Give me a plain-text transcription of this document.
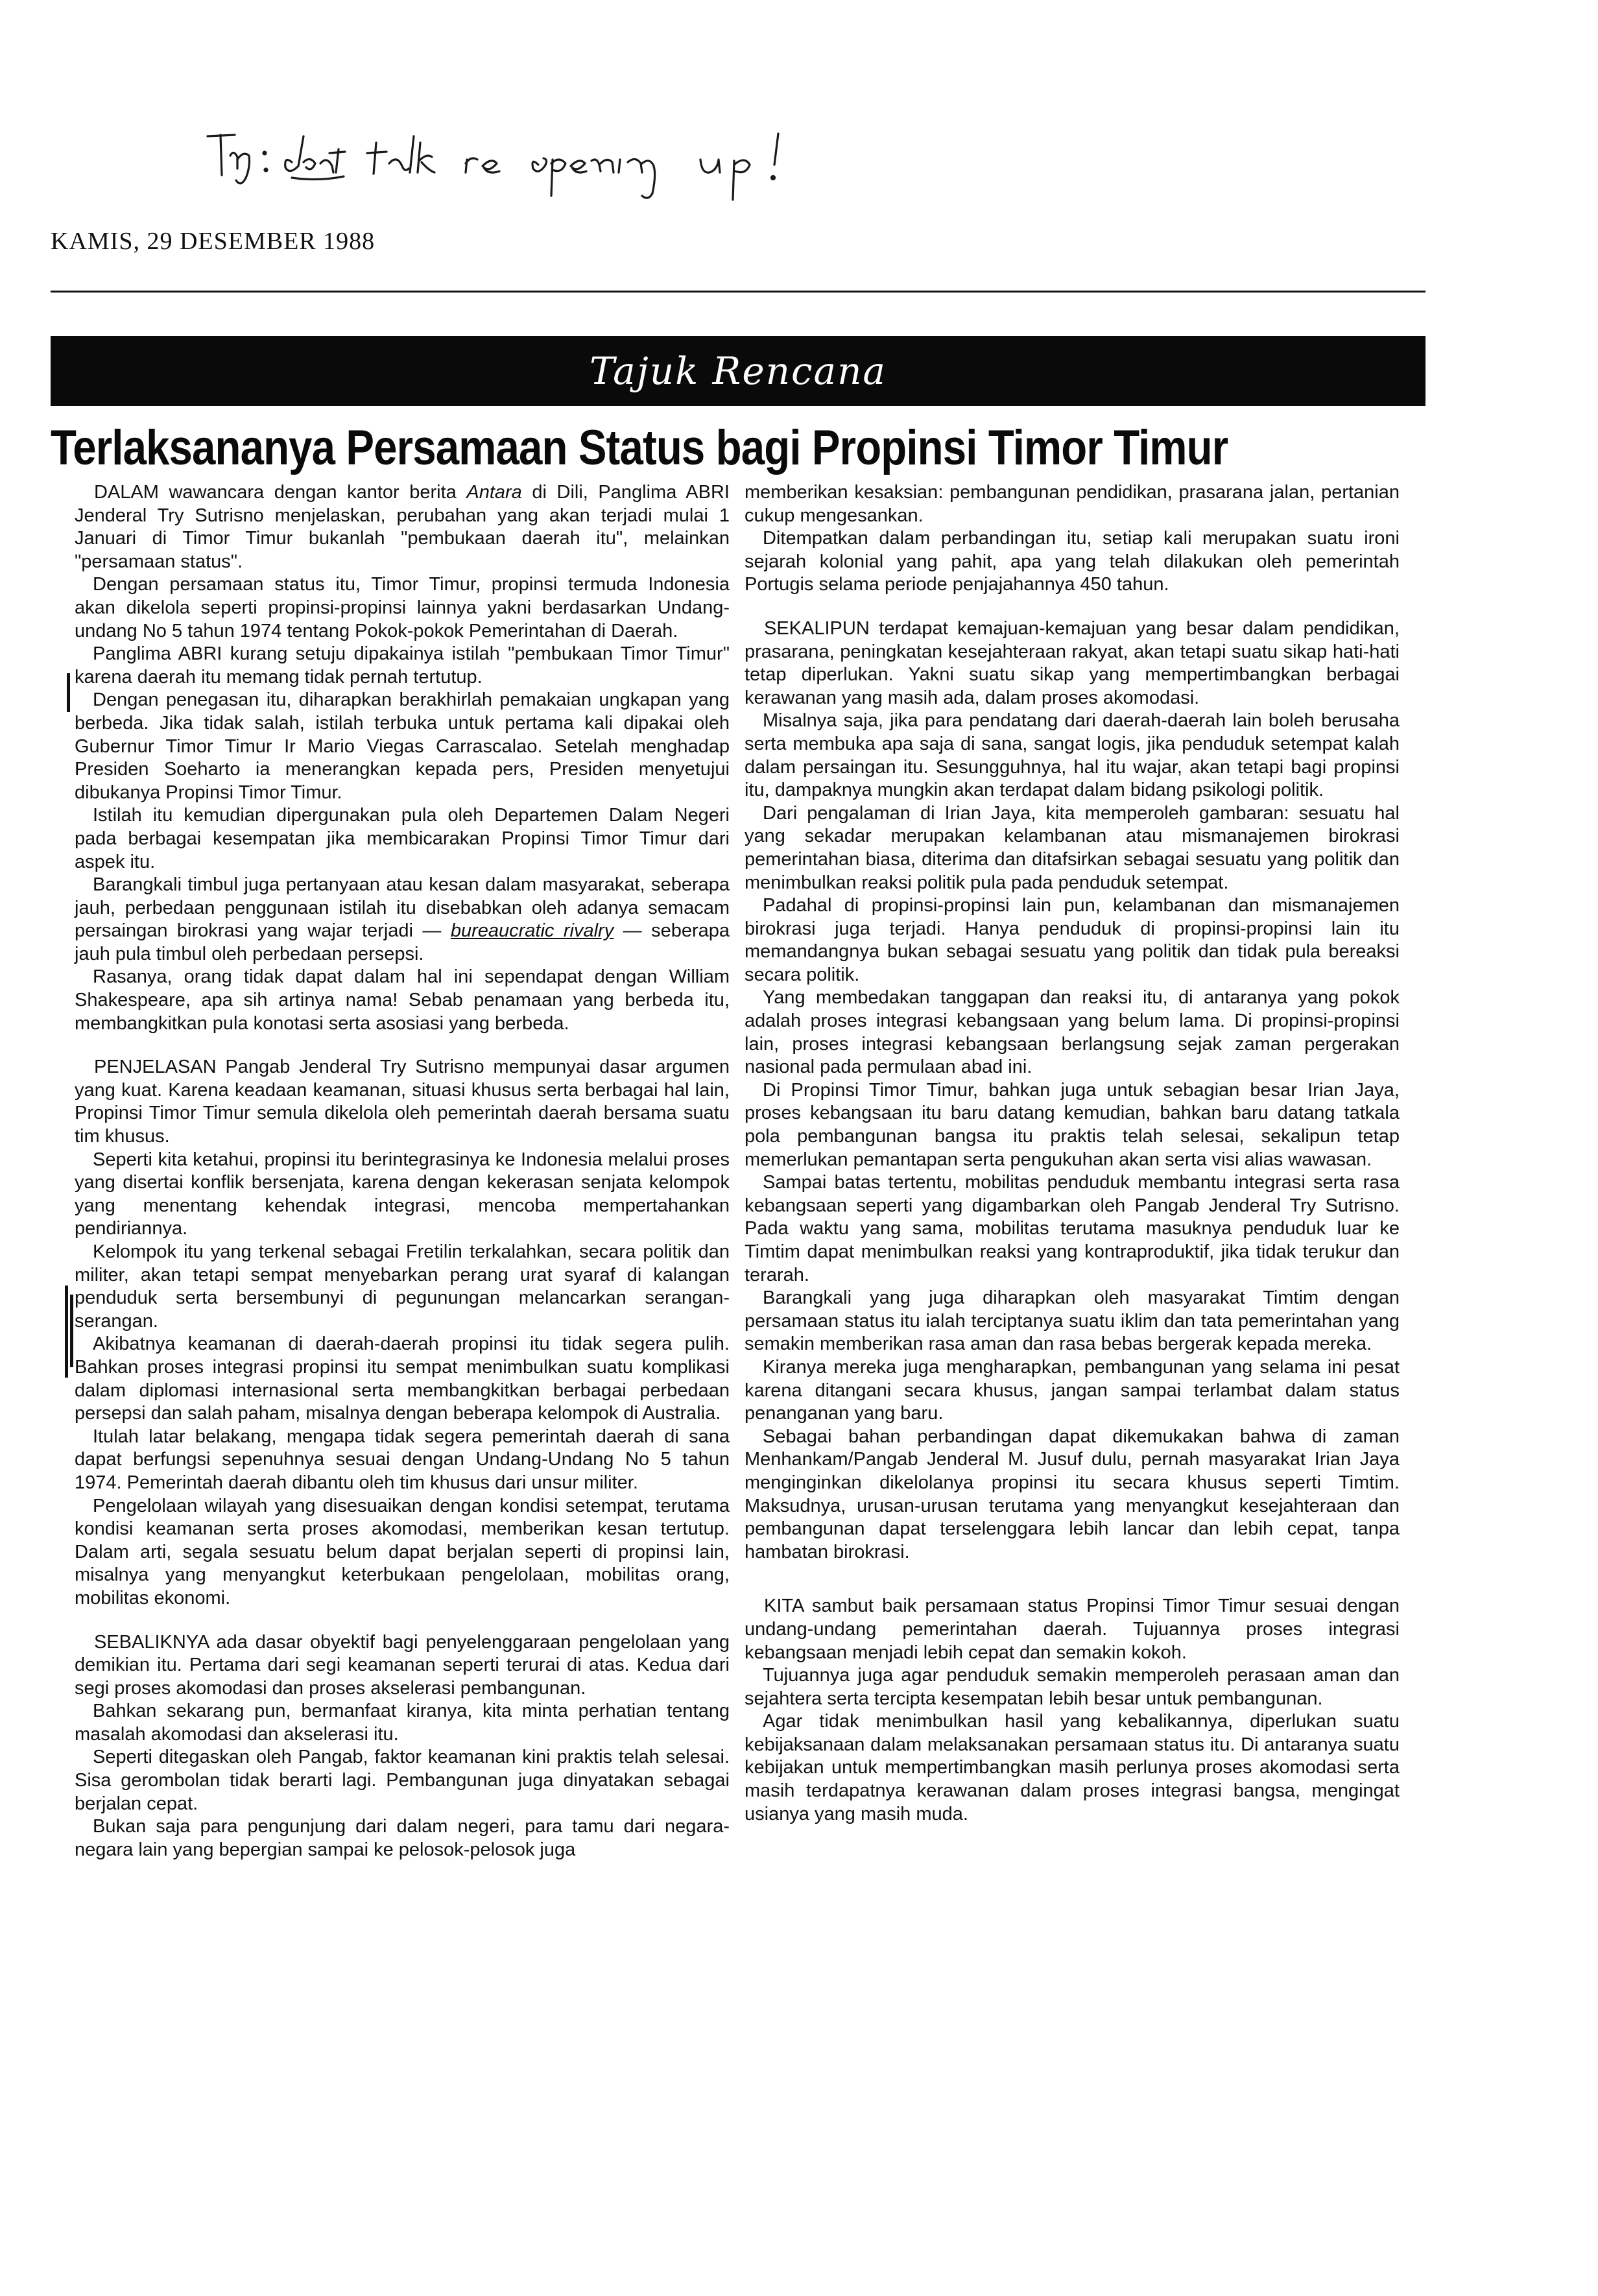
KAMIS, 29 DESEMBER 1988
Tajuk Rencana
Terlaksananya Persamaan Status bagi Propinsi Timor Timur

DALAM wawancara dengan kantor berita Antara di Dili, Panglima ABRI Jenderal Try Sutrisno menjelaskan, perubahan yang akan terjadi mulai 1 Januari di Timor Timur bukanlah "pembukaan daerah itu", melainkan "persamaan status".

Dengan persamaan status itu, Timor Timur, propinsi termuda Indonesia akan dikelola seperti propinsi-propinsi lainnya yakni berdasarkan Undang-undang No 5 tahun 1974 tentang Pokok-pokok Pemerintahan di Daerah.

Panglima ABRI kurang setuju dipakainya istilah "pembukaan Timor Timur" karena daerah itu memang tidak pernah tertutup.

Dengan penegasan itu, diharapkan berakhirlah pemakaian ungkapan yang berbeda. Jika tidak salah, istilah terbuka untuk pertama kali dipakai oleh Gubernur Timor Timur Ir Mario Viegas Carrascalao. Setelah menghadap Presiden Soeharto ia menerangkan kepada pers, Presiden menyetujui dibukanya Propinsi Timor Timur.

Istilah itu kemudian dipergunakan pula oleh Departemen Dalam Negeri pada berbagai kesempatan jika membicarakan Propinsi Timor Timur dari aspek itu.

Barangkali timbul juga pertanyaan atau kesan dalam masyarakat, seberapa jauh, perbedaan penggunaan istilah itu disebabkan oleh adanya semacam persaingan birokrasi yang wajar terjadi — bureaucratic rivalry — seberapa jauh pula timbul oleh perbedaan persepsi.

Rasanya, orang tidak dapat dalam hal ini sependapat dengan William Shakespeare, apa sih artinya nama! Sebab penamaan yang berbeda itu, membangkitkan pula konotasi serta asosiasi yang berbeda.

PENJELASAN Pangab Jenderal Try Sutrisno mempunyai dasar argumen yang kuat. Karena keadaan keamanan, situasi khusus serta berbagai hal lain, Propinsi Timor Timur semula dikelola oleh pemerintah daerah bersama suatu tim khusus.

Seperti kita ketahui, propinsi itu berintegrasinya ke Indonesia melalui proses yang disertai konflik bersenjata, karena dengan kekerasan senjata kelompok yang menentang kehendak integrasi, mencoba mempertahankan pendiriannya.

Kelompok itu yang terkenal sebagai Fretilin terkalahkan, secara politik dan militer, akan tetapi sempat menyebarkan perang urat syaraf di kalangan penduduk serta bersembunyi di pegunungan melancarkan serangan-serangan.

Akibatnya keamanan di daerah-daerah propinsi itu tidak segera pulih. Bahkan proses integrasi propinsi itu sempat menimbulkan suatu komplikasi dalam diplomasi internasional serta membangkitkan berbagai perbedaan persepsi dan salah paham, misalnya dengan beberapa kelompok di Australia.

Itulah latar belakang, mengapa tidak segera pemerintah daerah di sana dapat berfungsi sepenuhnya sesuai dengan Undang-Undang No 5 tahun 1974. Pemerintah daerah dibantu oleh tim khusus dari unsur militer.

Pengelolaan wilayah yang disesuaikan dengan kondisi setempat, terutama kondisi keamanan serta proses akomodasi, memberikan kesan tertutup. Dalam arti, segala sesuatu belum dapat berjalan seperti di propinsi lain, misalnya yang menyangkut keterbukaan pengelolaan, mobilitas orang, mobilitas ekonomi.

SEBALIKNYA ada dasar obyektif bagi penyelenggaraan pengelolaan yang demikian itu. Pertama dari segi keamanan seperti terurai di atas. Kedua dari segi proses akomodasi dan proses akselerasi pembangunan.

Bahkan sekarang pun, bermanfaat kiranya, kita minta perhatian tentang masalah akomodasi dan akselerasi itu.

Seperti ditegaskan oleh Pangab, faktor keamanan kini praktis telah selesai. Sisa gerombolan tidak berarti lagi. Pembangunan juga dinyatakan sebagai berjalan cepat.

Bukan saja para pengunjung dari dalam negeri, para tamu dari negara-negara lain yang bepergian sampai ke pelosok-pelosok juga

memberikan kesaksian: pembangunan pendidikan, prasarana jalan, pertanian cukup mengesankan.

Ditempatkan dalam perbandingan itu, setiap kali merupakan suatu ironi sejarah kolonial yang pahit, apa yang telah dilakukan oleh pemerintah Portugis selama periode penjajahannya 450 tahun.

SEKALIPUN terdapat kemajuan-kemajuan yang besar dalam pendidikan, prasarana, peningkatan kesejahteraan rakyat, akan tetapi suatu sikap hati-hati tetap diperlukan. Yakni suatu sikap yang mempertimbangkan berbagai kerawanan yang masih ada, dalam proses akomodasi.

Misalnya saja, jika para pendatang dari daerah-daerah lain boleh berusaha serta membuka apa saja di sana, sangat logis, jika penduduk setempat kalah dalam persaingan itu. Sesungguhnya, hal itu wajar, akan tetapi bagi propinsi itu, dampaknya mungkin akan terdapat dalam bidang psikologi politik.

Dari pengalaman di Irian Jaya, kita memperoleh gambaran: sesuatu hal yang sekadar merupakan kelambanan atau mismanajemen birokrasi pemerintahan biasa, diterima dan ditafsirkan sebagai sesuatu yang politik dan menimbulkan reaksi politik pula pada penduduk setempat.

Padahal di propinsi-propinsi lain pun, kelambanan dan mismanajemen birokrasi juga terjadi. Hanya penduduk di propinsi-propinsi lain itu memandangnya bukan sebagai sesuatu yang politik dan tidak pula bereaksi secara politik.

Yang membedakan tanggapan dan reaksi itu, di antaranya yang pokok adalah proses integrasi kebangsaan yang belum lama. Di propinsi-propinsi lain, proses integrasi kebangsaan berlangsung sejak zaman pergerakan nasional pada permulaan abad ini.

Di Propinsi Timor Timur, bahkan juga untuk sebagian besar Irian Jaya, proses kebangsaan itu baru datang kemudian, bahkan baru datang tatkala pola pembangunan bangsa itu praktis telah selesai, sekalipun tetap memerlukan pemantapan serta pengukuhan akan serta visi alias wawasan.

Sampai batas tertentu, mobilitas penduduk membantu integrasi serta rasa kebangsaan seperti yang digambarkan oleh Pangab Jenderal Try Sutrisno. Pada waktu yang sama, mobilitas terutama masuknya penduduk luar ke Timtim dapat menimbulkan reaksi yang kontraproduktif, jika tidak terukur dan terarah.

Barangkali yang juga diharapkan oleh masyarakat Timtim dengan persamaan status itu ialah terciptanya suatu iklim dan tata pemerintahan yang semakin memberikan rasa aman dan rasa bebas bergerak kepada mereka.

Kiranya mereka juga mengharapkan, pembangunan yang selama ini pesat karena ditangani secara khusus, jangan sampai terlambat dalam status penanganan yang baru.

Sebagai bahan perbandingan dapat dikemukakan bahwa di zaman Menhankam/Pangab Jenderal M. Jusuf dulu, pernah masyarakat Irian Jaya menginginkan dikelolanya propinsi itu secara khusus seperti Timtim. Maksudnya, urusan-urusan terutama yang menyangkut kesejahteraan dan pembangunan dapat terselenggara lebih lancar dan lebih cepat, tanpa hambatan birokrasi.

KITA sambut baik persamaan status Propinsi Timor Timur sesuai dengan undang-undang pemerintahan daerah. Tujuannya proses integrasi kebangsaan menjadi lebih cepat dan semakin kokoh.

Tujuannya juga agar penduduk semakin memperoleh perasaan aman dan sejahtera serta tercipta kesempatan lebih besar untuk pembangunan.

Agar tidak menimbulkan hasil yang kebalikannya, diperlukan suatu kebijaksanaan dalam melaksanakan persamaan status itu. Di antaranya suatu kebijakan untuk mempertimbangkan masih perlunya proses akomodasi serta masih terdapatnya kerawanan dalam proses integrasi bangsa, mengingat usianya yang masih muda.
